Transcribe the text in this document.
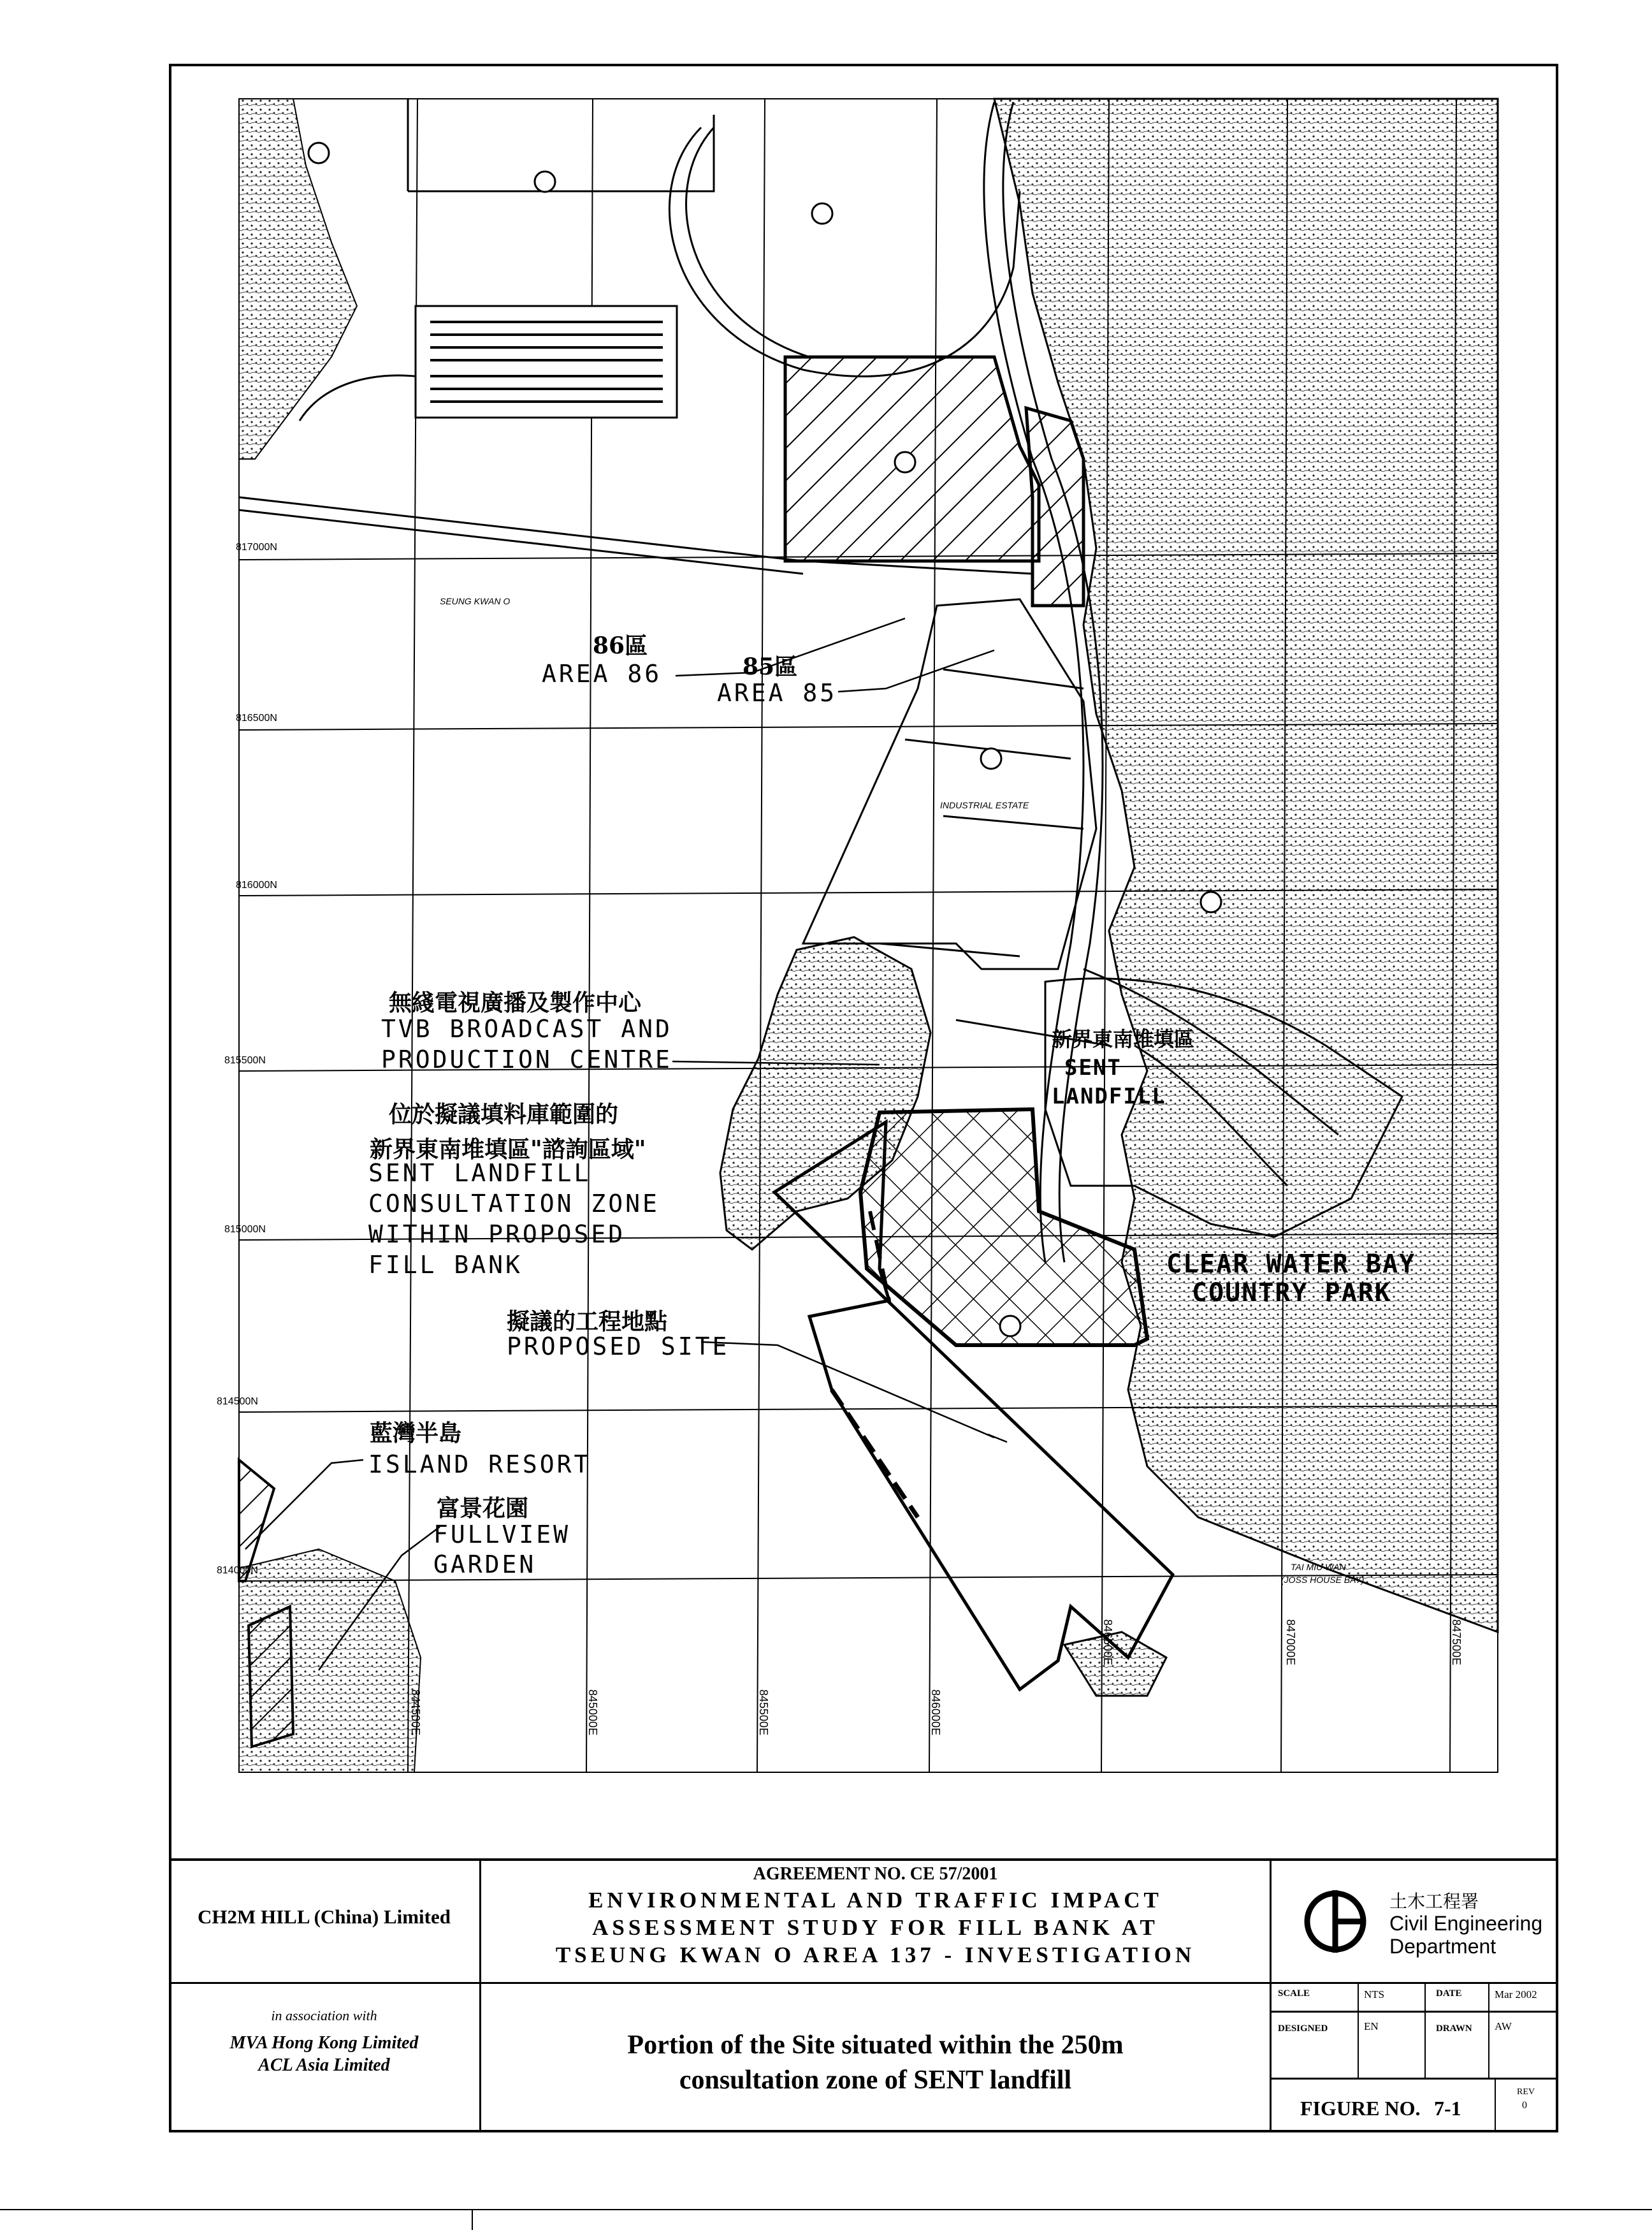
817000N
816500N
816000N
815500N
815000N
814500N
814000N
844500E	845000E	845500E	846000E
846500E	847000E	847500E
SEUNG KWAN O
86區
AREA 86	85區
AREA 85
INDUSTRIAL ESTATE
無綫電視廣播及製作中心
TVB BROADCAST AND
PRODUCTION CENTRE
位於擬議填料庫範圍的
新界東南堆填區"諮詢區域"
SENT LANDFILL
CONSULTATION ZONE
WITHIN PROPOSED
FILL BANK
擬議的工程地點
PROPOSED SITE
藍灣半島
ISLAND RESORT
富景花園
FULLVIEW
GARDEN
新界東南堆填區
SENT
LANDFILL
CLEAR WATER BAY
COUNTRY PARK
TAI MIU WAN
(JOSS HOUSE BAY)
CH2M HILL (China) Limited
in association with
MVA Hong Kong Limited
ACL Asia Limited
AGREEMENT NO. CE 57/2001
ENVIRONMENTAL AND TRAFFIC IMPACT
ASSESSMENT STUDY FOR FILL BANK AT
TSEUNG KWAN O AREA 137 - INVESTIGATION
Portion of the Site situated within the 250m
consultation zone of SENT landfill
土木工程署
Civil Engineering
Department
SCALE	NTS	DATE	Mar 2002
DESIGNED	EN	DRAWN AW
FIGURE NO. 7-1
REV
0
